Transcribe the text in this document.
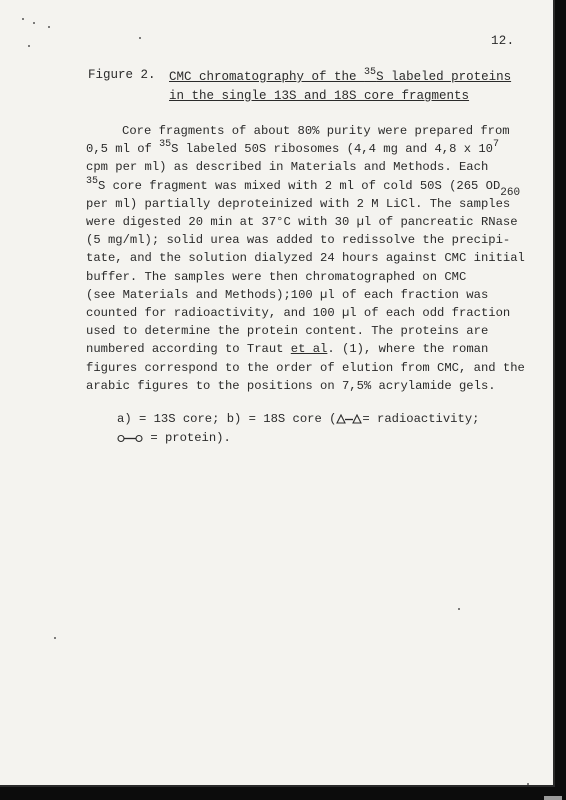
12.
Figure 2. CMC chromatography of the $^{35}$S labeled proteins
in the single 13S and 18S core fragments
Core fragments of about 80% purity were prepared from
0,5 ml of $^{35}$S labeled 50S ribosomes (4,4 mg and 4,8 x $10^7$
cpm per ml) as described in Materials and Methods. Each
$^{35}$S core fragment was mixed with 2 ml of cold 50S (265 $OD_{260}$
per ml) partially deproteinized with 2 M LiCl. The samples
were digested 20 min at 37°C with 30 µl of pancreatic RNase
(5 mg/ml); solid urea was added to redissolve the precipi-
tate, and the solution dialyzed 24 hours against CMC initial
buffer. The samples were then chromatographed on CMC
(see Materials and Methods);100 µl of each fraction was
counted for radioactivity, and 100 µl of each odd fraction
used to determine the protein content. The proteins are
numbered according to Traut et al. (1), where the roman
figures correspond to the order of elution from CMC, and the
arabic figures to the positions on 7,5% acrylamide gels.
a) = 13S core; b) = 18S core ( = radioactivity;
= protein).
